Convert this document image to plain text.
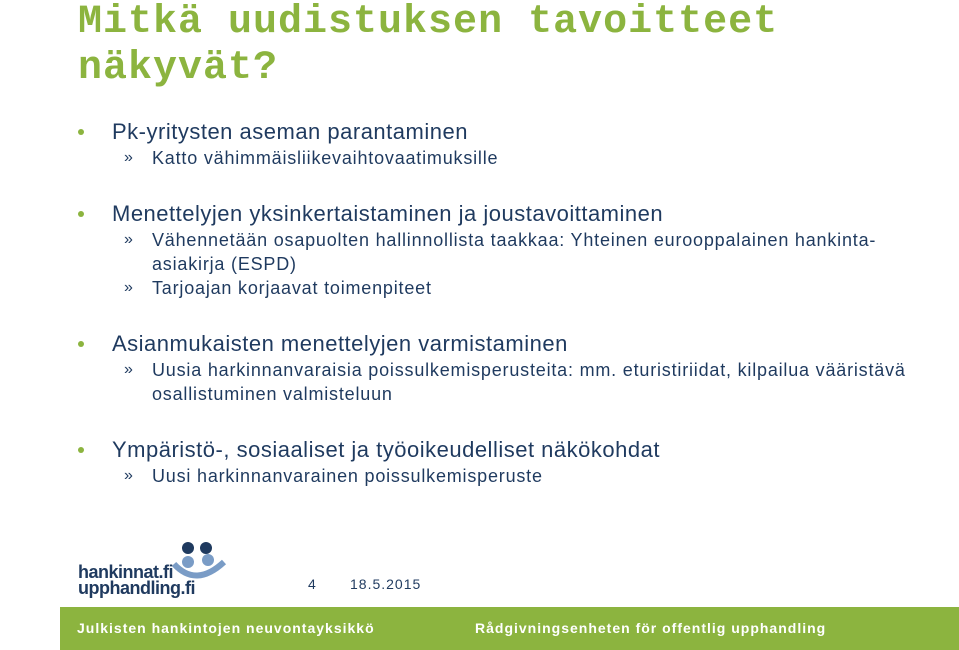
Mitkä uudistuksen tavoitteet
näkyvät?
Pk-yritysten aseman parantaminen
» Katto vähimmäisliikevaihtovaatimuksille
Menettelyjen yksinkertaistaminen ja joustavoittaminen
» Vähennetään osapuolten hallinnollista taakkaa: Yhteinen eurooppalainen hankinta-asiakirja (ESPD)
» Tarjoajan korjaavat toimenpiteet
Asianmukaisten menettelyjen varmistaminen
» Uusia harkinnanvaraisia poissulkemisperusteita: mm. eturistiriidat, kilpailua vääristävä osallistuminen valmisteluun
Ympäristö-, sosiaaliset ja työoikeudelliset näkökohdat
» Uusi harkinnanvarainen poissulkemisperuste
hankinnat.fi
upphandling.fi	4 18.5.2015
Julkisten hankintojen neuvontayksikkö	Rådgivningsenheten för offentlig upphandling
